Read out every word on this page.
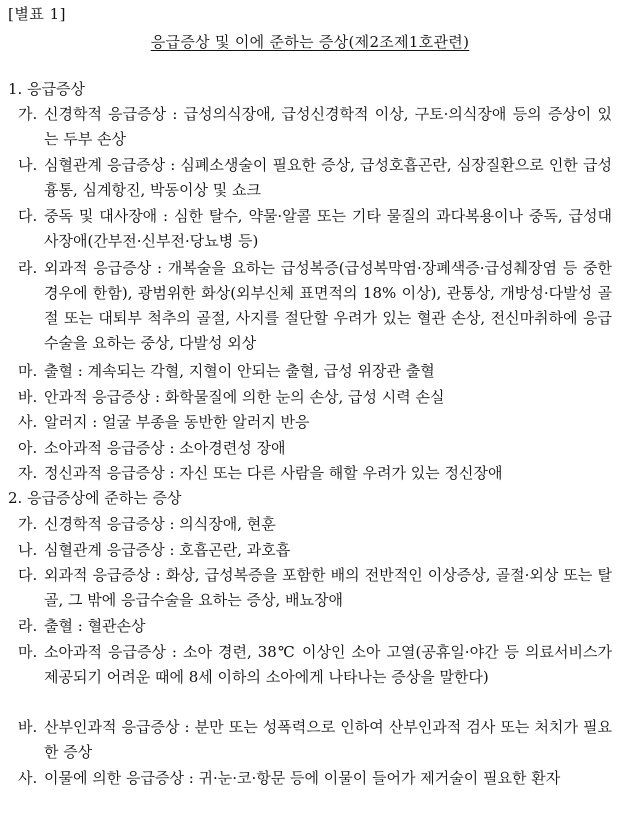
[별표 1]
응급증상 및 이에 준하는 증상(제2조제1호관련)
1. 응급증상
가. 신경학적 응급증상 : 급성의식장애, 급성신경학적 이상, 구토·의식장애 등의 증상이 있는 두부 손상
나. 심혈관계 응급증상 : 심폐소생술이 필요한 증상, 급성호흡곤란, 심장질환으로 인한 급성 흉통, 심계항진, 박동이상 및 쇼크
다. 중독 및 대사장애 : 심한 탈수, 약물·알콜 또는 기타 물질의 과다복용이나 중독, 급성대사장애(간부전·신부전·당뇨병 등)
라. 외과적 응급증상 : 개복술을 요하는 급성복증(급성복막염·장폐색증·급성췌장염 등 중한 경우에 한함), 광범위한 화상(외부신체 표면적의 18% 이상), 관통상, 개방성·다발성 골절 또는 대퇴부 척추의 골절, 사지를 절단할 우려가 있는 혈관 손상, 전신마취하에 응급수술을 요하는 중상, 다발성 외상
마. 출혈 : 계속되는 각혈, 지혈이 안되는 출혈, 급성 위장관 출혈
바. 안과적 응급증상 : 화학물질에 의한 눈의 손상, 급성 시력 손실
사. 알러지 : 얼굴 부종을 동반한 알러지 반응
아. 소아과적 응급증상 : 소아경련성 장애
자. 정신과적 응급증상 : 자신 또는 다른 사람을 해할 우려가 있는 정신장애
2. 응급증상에 준하는 증상
가. 신경학적 응급증상 : 의식장애, 현훈
나. 심혈관계 응급증상 : 호흡곤란, 과호흡
다. 외과적 응급증상 : 화상, 급성복증을 포함한 배의 전반적인 이상증상, 골절·외상 또는 탈골, 그 밖에 응급수술을 요하는 증상, 배뇨장애
라. 출혈 : 혈관손상
마. 소아과적 응급증상 : 소아 경련, 38℃ 이상인 소아 고열(공휴일·야간 등 의료서비스가 제공되기 어려운 때에 8세 이하의 소아에게 나타나는 증상을 말한다)
바. 산부인과적 응급증상 : 분만 또는 성폭력으로 인하여 산부인과적 검사 또는 처치가 필요한 증상
사. 이물에 의한 응급증상 : 귀·눈·코·항문 등에 이물이 들어가 제거술이 필요한 환자
